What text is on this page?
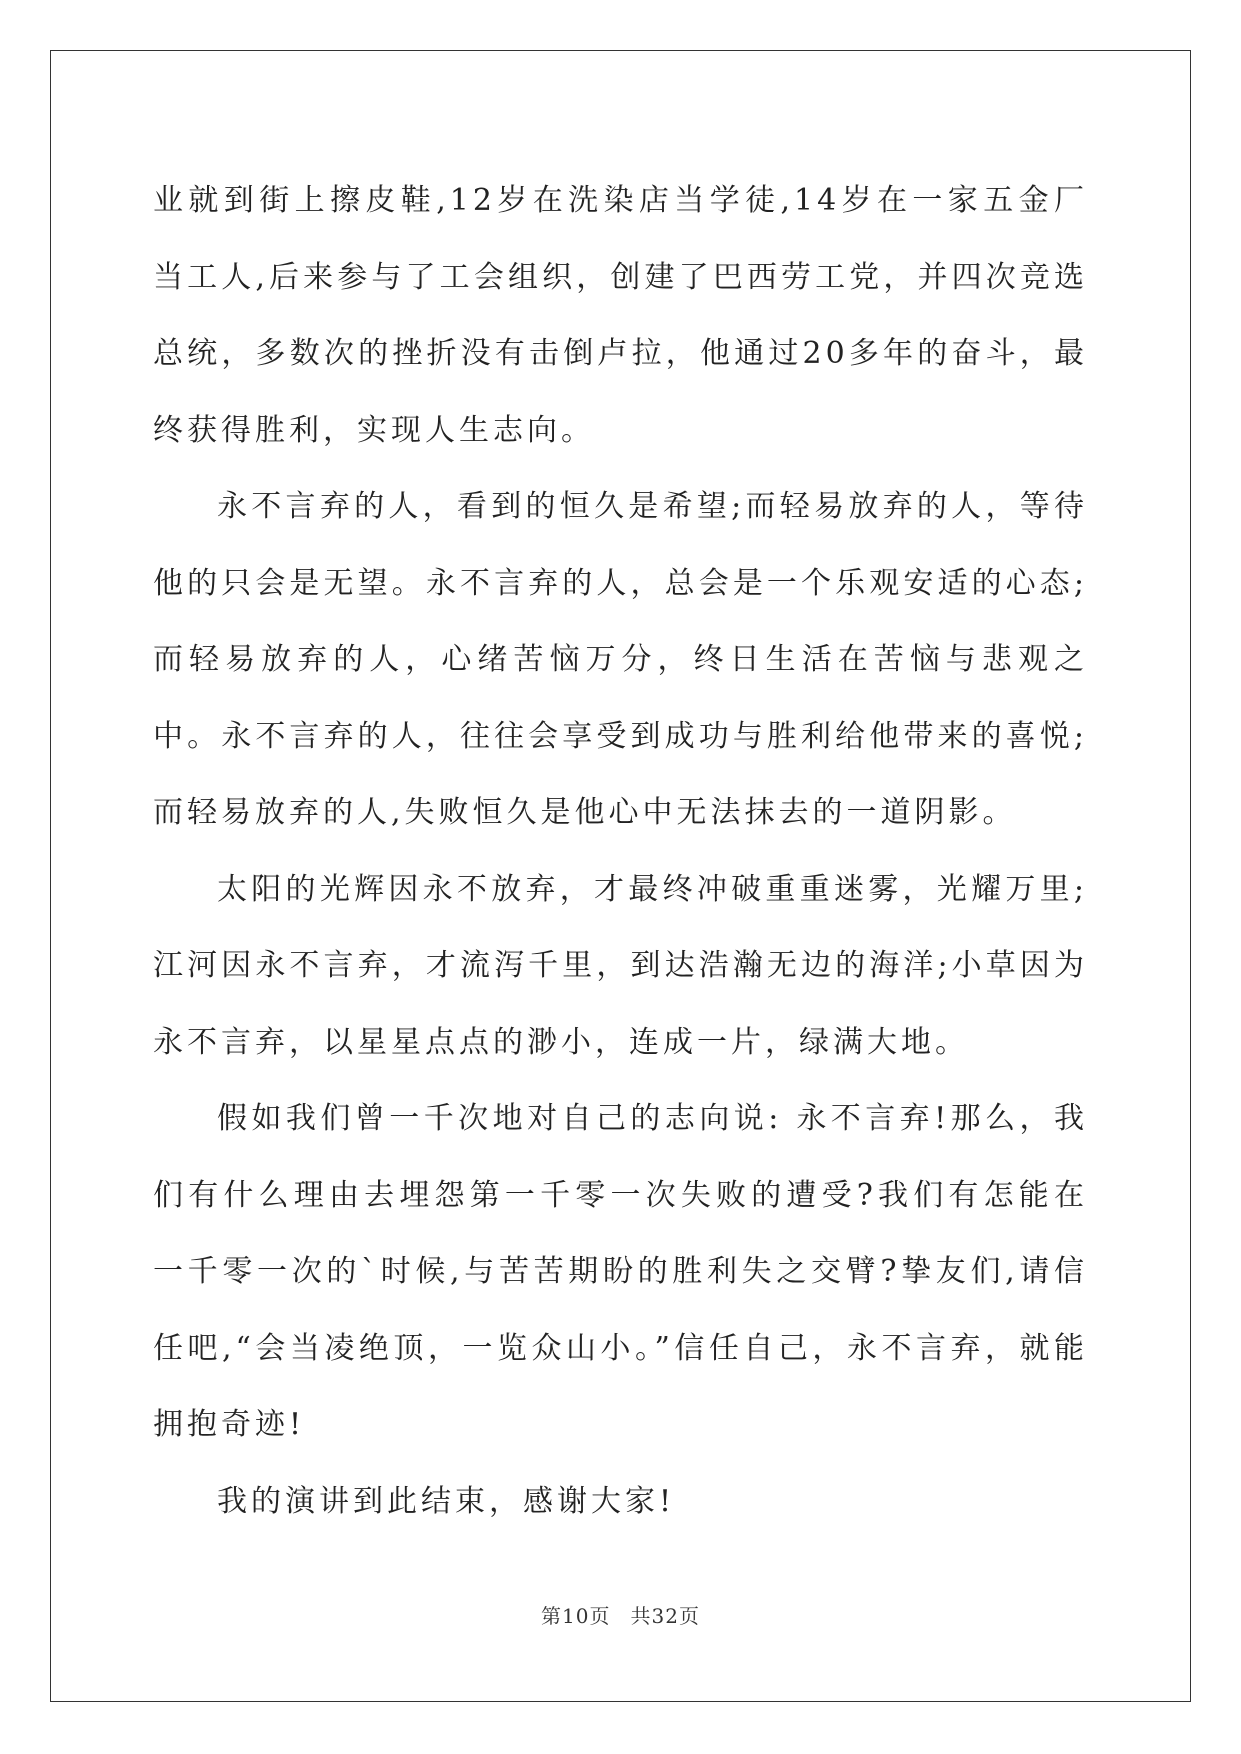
业就到街上擦皮鞋,12岁在洗染店当学徒,14岁在一家五金厂当工人,后来参与了工会组织，创建了巴西劳工党，并四次竞选总统，多数次的挫折没有击倒卢拉，他通过20多年的奋斗，最终获得胜利，实现人生志向。

永不言弃的人，看到的恒久是希望;而轻易放弃的人，等待他的只会是无望。永不言弃的人，总会是一个乐观安适的心态;而轻易放弃的人，心绪苦恼万分，终日生活在苦恼与悲观之中。永不言弃的人，往往会享受到成功与胜利给他带来的喜悦;而轻易放弃的人,失败恒久是他心中无法抹去的一道阴影。

太阳的光辉因永不放弃，才最终冲破重重迷雾，光耀万里;江河因永不言弃，才流泻千里，到达浩瀚无边的海洋;小草因为永不言弃，以星星点点的渺小，连成一片，绿满大地。

假如我们曾一千次地对自己的志向说: 永不言弃!那么，我们有什么理由去埋怨第一千零一次失败的遭受?我们有怎能在一千零一次的`时候,与苦苦期盼的胜利失之交臂?挚友们,请信任吧,“会当凌绝顶，一览众山小。”信任自己，永不言弃，就能拥抱奇迹!

我的演讲到此结束，感谢大家!

第10页 共32页
